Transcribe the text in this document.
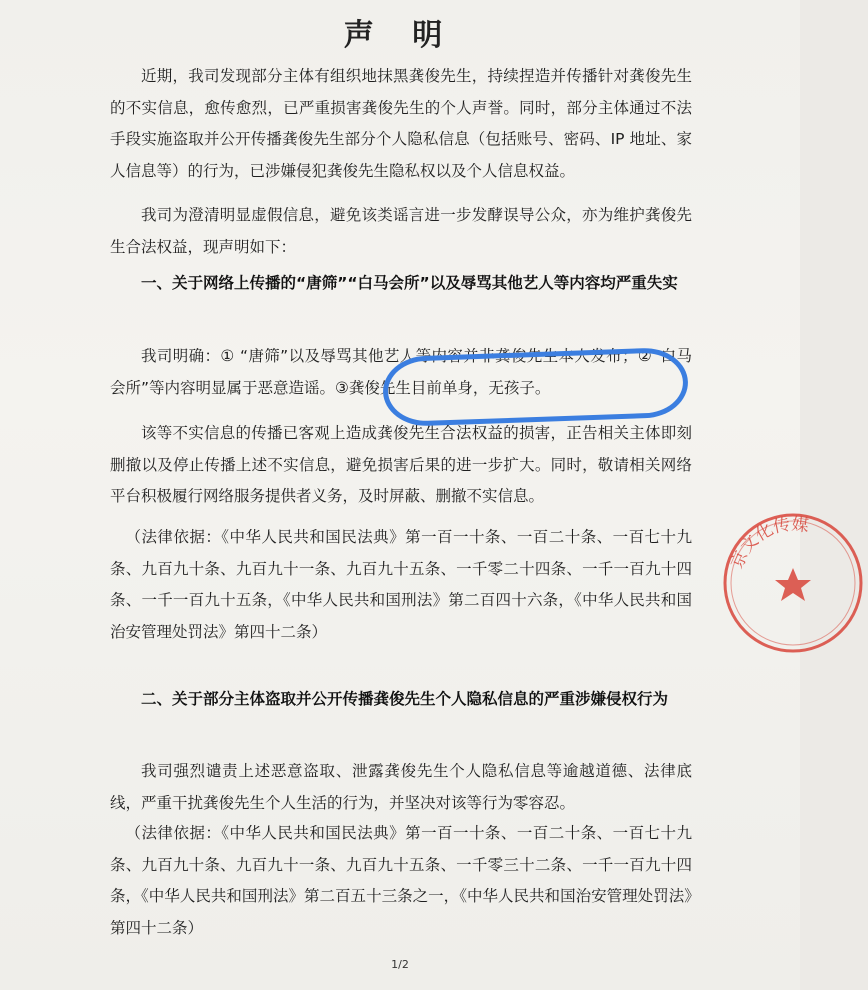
声 明
近期，我司发现部分主体有组织地抹黑龚俊先生，持续捏造并传播针对龚俊先生的不实信息，愈传愈烈，已严重损害龚俊先生的个人声誉。同时，部分主体通过不法手段实施盗取并公开传播龚俊先生部分个人隐私信息（包括账号、密码、IP 地址、家人信息等）的行为，已涉嫌侵犯龚俊先生隐私权以及个人信息权益。
我司为澄清明显虚假信息，避免该类谣言进一步发酵误导公众，亦为维护龚俊先生合法权益，现声明如下：
一、关于网络上传播的“唐筛”“白马会所”以及辱骂其他艺人等内容均严重失实
我司明确：① “唐筛”以及辱骂其他艺人等内容并非龚俊先生本人发布；②“白马会所”等内容明显属于恶意造谣。③龚俊先生目前单身，无孩子。
该等不实信息的传播已客观上造成龚俊先生合法权益的损害，正告相关主体即刻删撤以及停止传播上述不实信息，避免损害后果的进一步扩大。同时，敬请相关网络平台积极履行网络服务提供者义务，及时屏蔽、删撤不实信息。
（法律依据：《中华人民共和国民法典》第一百一十条、一百二十条、一百七十九条、九百九十条、九百九十一条、九百九十五条、一千零二十四条、一千一百九十四条、一千一百九十五条，《中华人民共和国刑法》第二百四十六条，《中华人民共和国治安管理处罚法》第四十二条）
二、关于部分主体盗取并公开传播龚俊先生个人隐私信息的严重涉嫌侵权行为
我司强烈谴责上述恶意盗取、泄露龚俊先生个人隐私信息等逾越道德、法律底线，严重干扰龚俊先生个人生活的行为，并坚决对该等行为零容忍。
（法律依据：《中华人民共和国民法典》第一百一十条、一百二十条、一百七十九条、九百九十条、九百九十一条、九百九十五条、一千零三十二条、一千一百九十四条，《中华人民共和国刑法》第二百五十三条之一，《中华人民共和国治安管理处罚法》第四十二条）
京文化传媒
1/2
